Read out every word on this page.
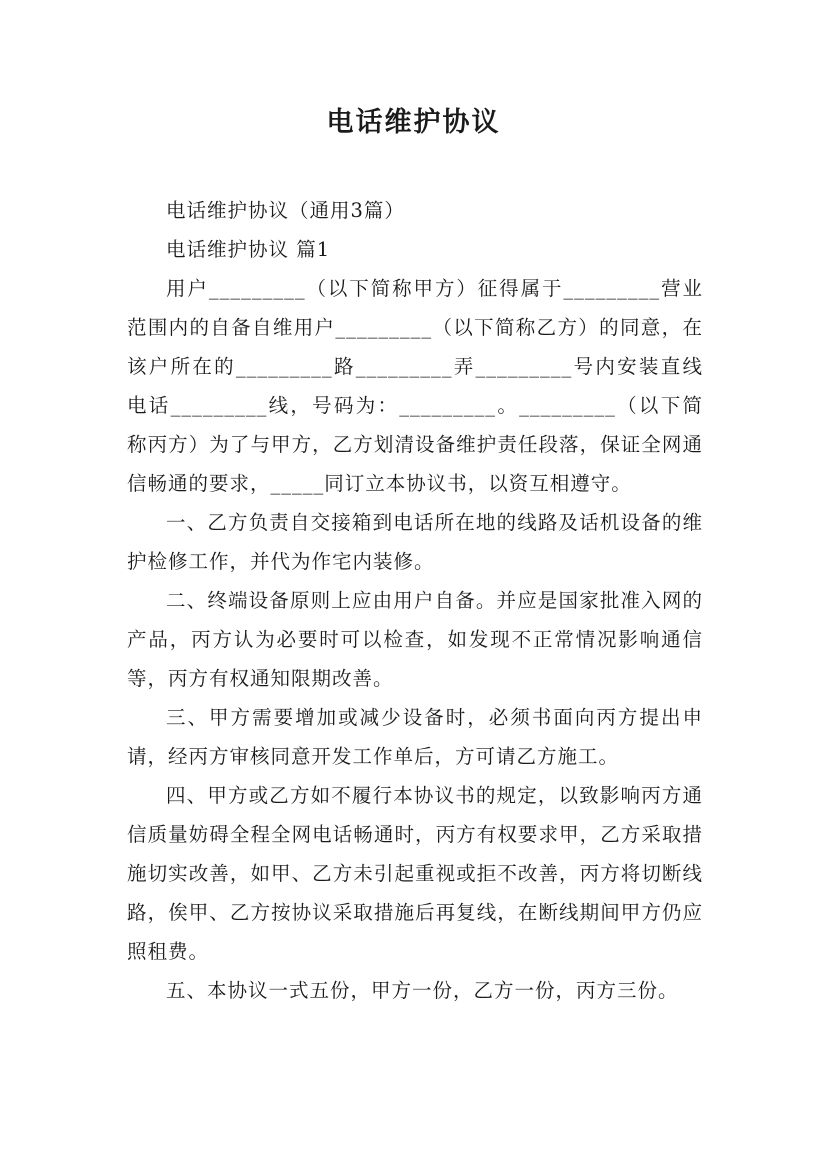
电话维护协议

电话维护协议（通用3篇）

电话维护协议 篇1

用户_________（以下简称甲方）征得属于_________营业范围内的自备自维用户_________（以下简称乙方）的同意，在该户所在的_________路_________弄_________号内安装直线电话_________线，号码为：_________。_________（以下简称丙方）为了与甲方，乙方划清设备维护责任段落，保证全网通信畅通的要求，_____同订立本协议书，以资互相遵守。

一、乙方负责自交接箱到电话所在地的线路及话机设备的维护检修工作，并代为作宅内装修。

二、终端设备原则上应由用户自备。并应是国家批准入网的产品，丙方认为必要时可以检查，如发现不正常情况影响通信等，丙方有权通知限期改善。

三、甲方需要增加或减少设备时，必须书面向丙方提出申请，经丙方审核同意开发工作单后，方可请乙方施工。

四、甲方或乙方如不履行本协议书的规定，以致影响丙方通信质量妨碍全程全网电话畅通时，丙方有权要求甲，乙方采取措施切实改善，如甲、乙方未引起重视或拒不改善，丙方将切断线路，俟甲、乙方按协议采取措施后再复线，在断线期间甲方仍应照租费。

五、本协议一式五份，甲方一份，乙方一份，丙方三份。
